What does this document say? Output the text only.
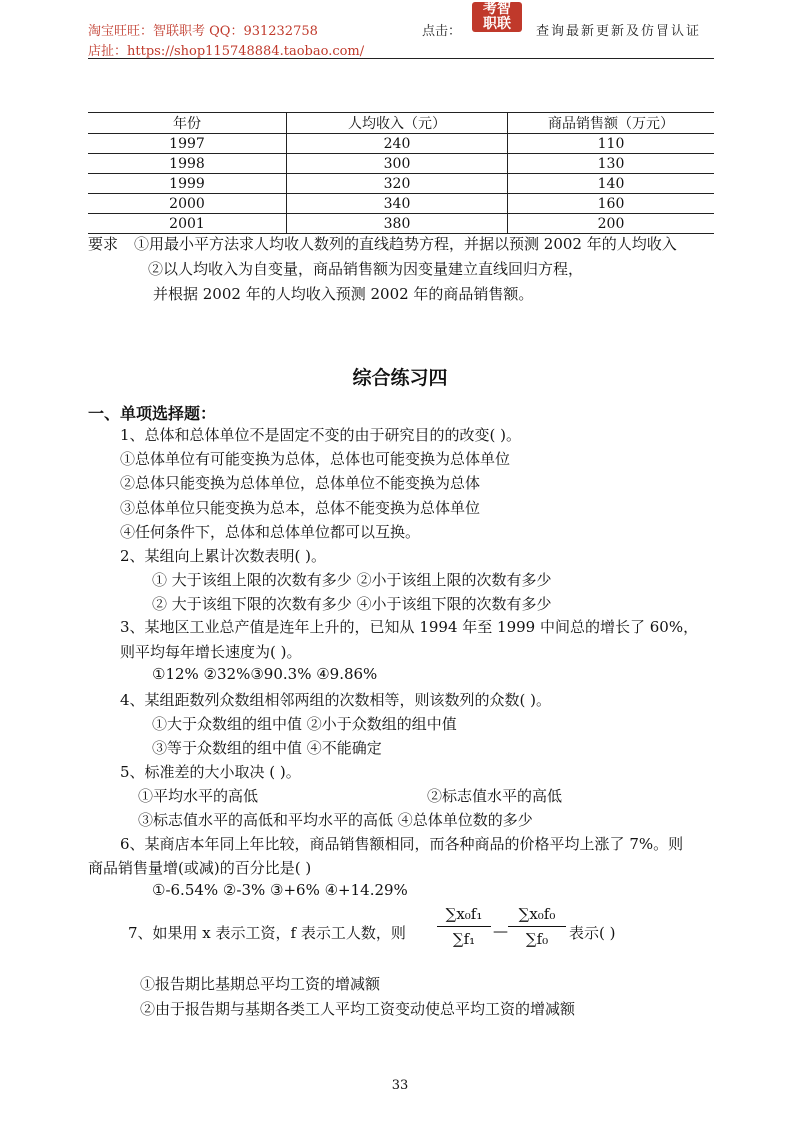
淘宝旺旺：智联职考 QQ：931232758
店扯：https://shop115748884.taobao.com/
点击：
考智
职联	查询最新更新及仿冒认证
年份	人均收入（元）	商品销售额（万元）
1997	240	110
1998	300	130
1999	320	140
2000	340	160
2001	380	200
要求 ①用最小平方法求人均收人数列的直线趋势方程，并据以预测 2002 年的人均收入
②以人均收入为自变量，商品销售额为因变量建立直线回归方程，
并根据 2002 年的人均收入预测 2002 年的商品销售额。
综合练习四
一、单项选择题：
1、总体和总体单位不是固定不变的由于研究目的的改变( )。
①总体单位有可能变换为总体，总体也可能变换为总体单位
②总体只能变换为总体单位，总体单位不能变换为总体
③总体单位只能变换为总本，总体不能变换为总体单位
④任何条件下，总体和总体单位都可以互换。
2、某组向上累计次数表明( )。
① 大于该组上限的次数有多少 ②小于该组上限的次数有多少
② 大于该组下限的次数有多少 ④小于该组下限的次数有多少
3、某地区工业总产值是连年上升的，已知从 1994 年至 1999 中间总的增长了 60%，
则平均每年增长速度为( )。
①12% ②32%③90.3% ④9.86%
4、某组距数列众数组相邻两组的次数相等，则该数列的众数( )。
①大于众数组的组中值 ②小于众数组的组中值
③等于众数组的组中值 ④不能确定
5、标准差的大小取决 ( )。
①平均水平的高低	②标志值水平的高低
③标志值水平的高低和平均水平的高低 ④总体单位数的多少
6、某商店本年同上年比较，商品销售额相同，而各种商品的价格平均上涨了 7%。则
商品销售量增(或减)的百分比是( )
①-6.54% ②-3% ③+6% ④+14.29%
7、如果用 x 表示工资，f 表示工人数，则
∑x₀f₁
∑f₁	—
∑x₀f₀
∑f₀	表示( )
①报告期比基期总平均工资的增减额
②由于报告期与基期各类工人平均工资变动使总平均工资的增减额
33
